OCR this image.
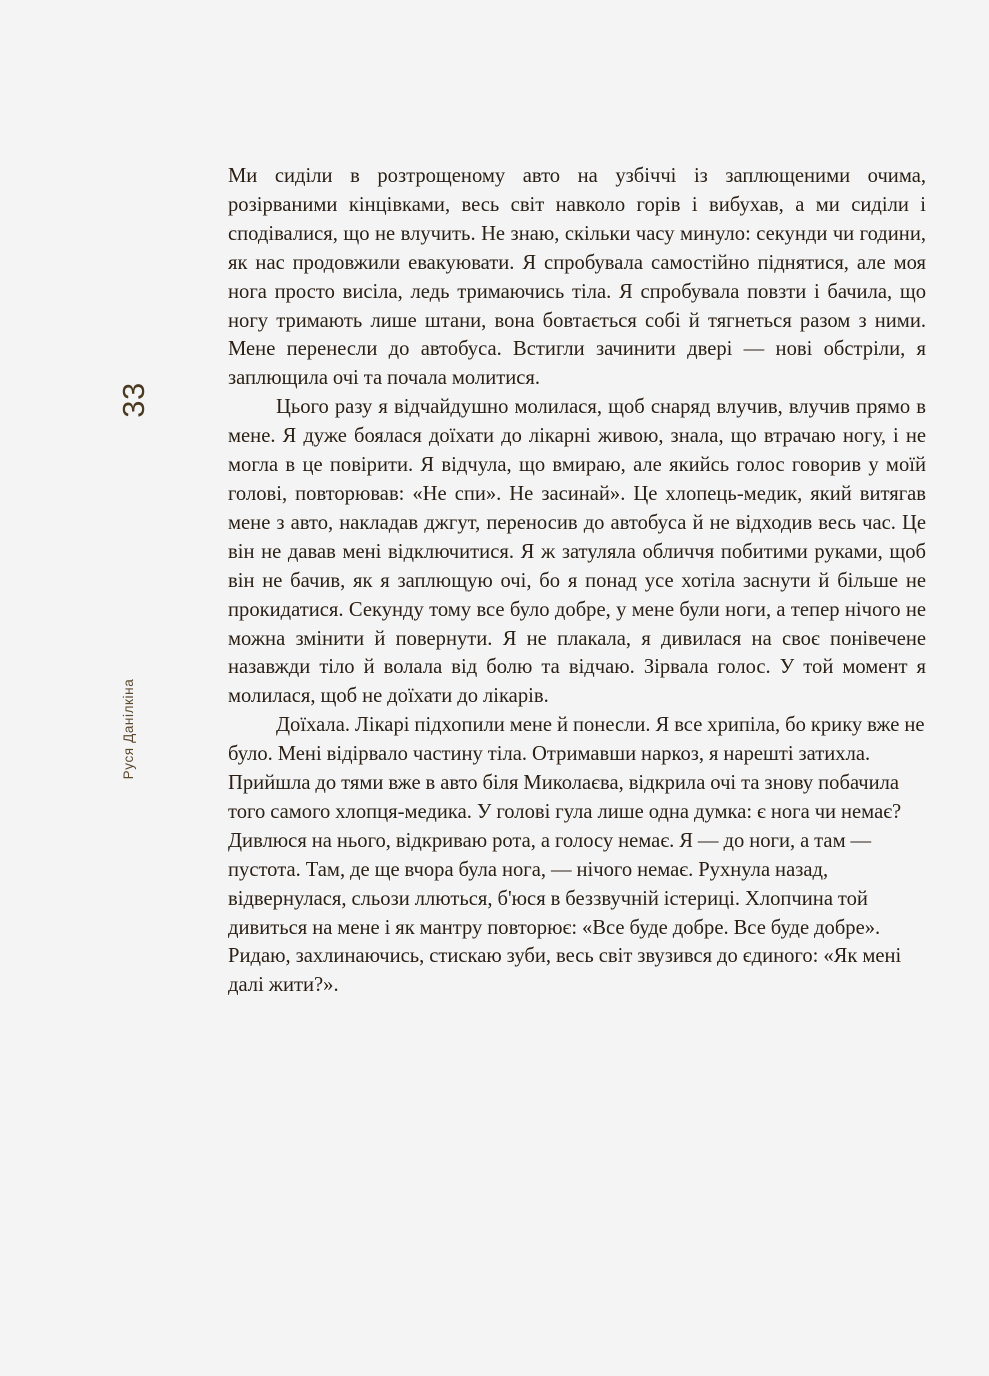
33
Руся Данілкіна

Ми сиділи в розтрощеному авто на узбіччі із заплющеними очима, розірваними кінцівками, весь світ навколо горів і вибухав, а ми сиділи і сподівалися, що не влучить. Не знаю, скільки часу минуло: секунди чи години, як нас продовжили евакуювати. Я спробувала самостійно піднятися, але моя нога просто висіла, ледь тримаючись тіла. Я спробувала повзти і бачила, що ногу тримають лише штани, вона бовтається собі й тягнеться разом з ними. Мене перенесли до автобуса. Встигли зачинити двері — нові обстріли, я заплющила очі та почала молитися.

Цього разу я відчайдушно молилася, щоб снаряд влучив, влучив прямо в мене. Я дуже боялася доїхати до лікарні живою, знала, що втрачаю ногу, і не могла в це повірити. Я відчула, що вмираю, але якийсь голос говорив у моїй голові, повторював: «Не спи». Не засинай». Це хлопець-медик, який витягав мене з авто, накладав джгут, переносив до автобуса й не відходив весь час. Це він не давав мені відключитися. Я ж затуляла обличчя побитими руками, щоб він не бачив, як я заплющую очі, бо я понад усе хотіла заснути й більше не прокидатися. Секунду тому все було добре, у мене були ноги, а тепер нічого не можна змінити й повернути. Я не плакала, я дивилася на своє понівечене назавжди тіло й волала від болю та відчаю. Зірвала голос. У той момент я молилася, щоб не доїхати до лікарів.

Доїхала. Лікарі підхопили мене й понесли. Я все хрипіла, бо крику вже не було. Мені відірвало частину тіла. Отримавши наркоз, я нарешті затихла. Прийшла до тями вже в авто біля Миколаєва, відкрила очі та знову побачила того самого хлопця-медика. У голові гула лише одна думка: є нога чи немає? Дивлюся на нього, відкриваю рота, а голосу немає. Я — до ноги, а там — пустота. Там, де ще вчора була нога, — нічого немає. Рухнула назад, відвернулася, сльози ллються, б'юся в беззвучній істериці. Хлопчина той дивиться на мене і як мантру повторює: «Все буде добре. Все буде добре». Ридаю, захлинаючись, стискаю зуби, весь світ звузився до єдиного: «Як мені далі жити?».
